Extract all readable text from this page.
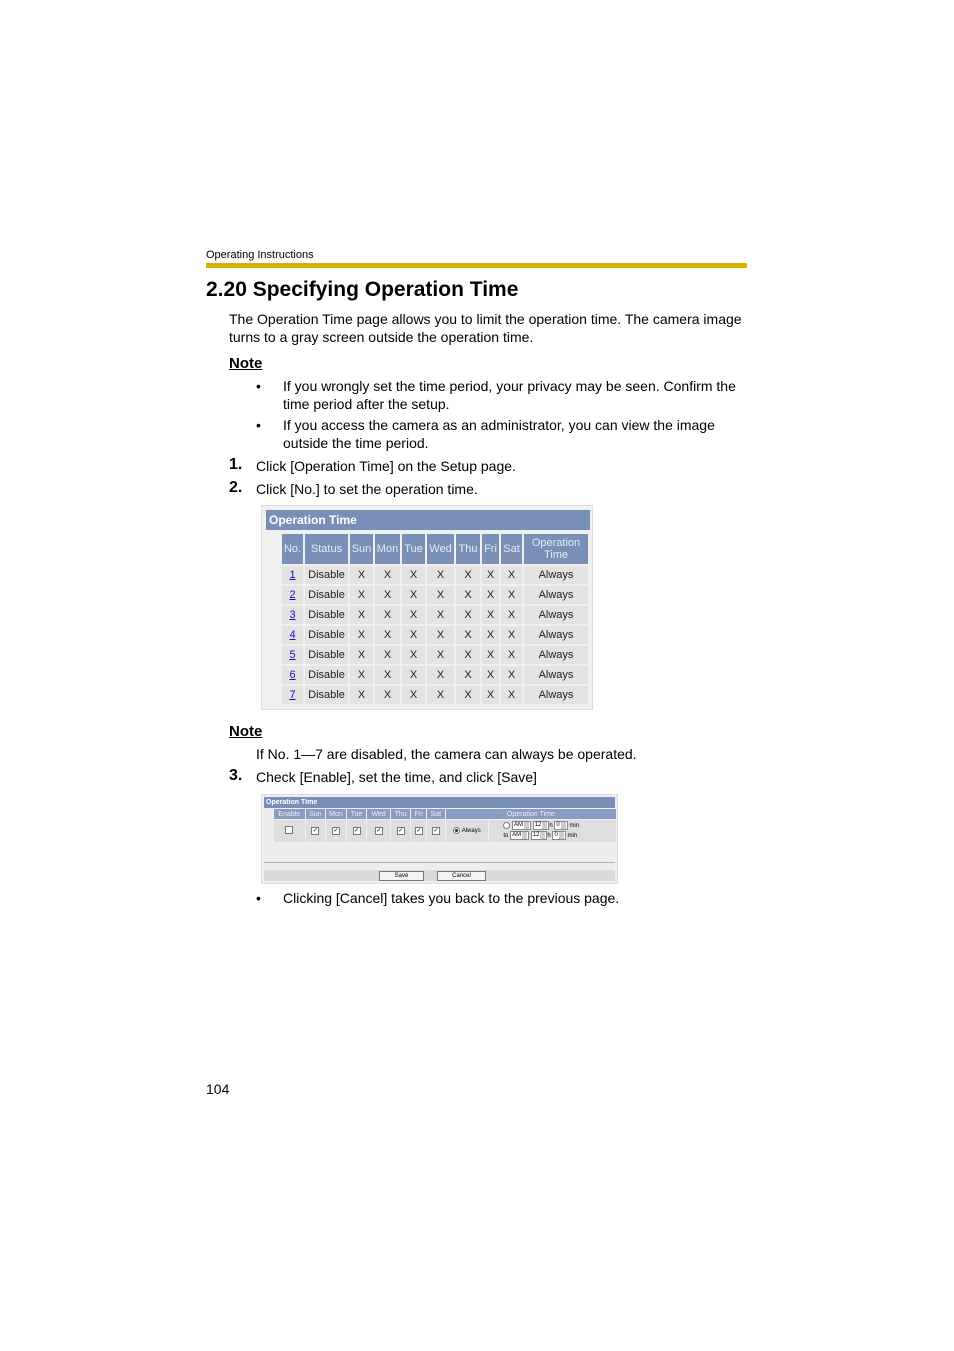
Operating Instructions
2.20 Specifying Operation Time
The Operation Time page allows you to limit the operation time. The camera image
turns to a gray screen outside the operation time.
Note
• If you wrongly set the time period, your privacy may be seen. Confirm the
time period after the setup.
• If you access the camera as an administrator, you can view the image
outside the time period.
1. Click [Operation Time] on the Setup page.
2. Click [No.] to set the operation time.
Operation Time
No.	Status	Sun	Mon	Tue	Wed	Thu	Fri	Sat	Operation
Time

1	Disable	X	X	X	X	X	X	X	Always
2	Disable	X	X	X	X	X	X	X	Always
3	Disable	X	X	X	X	X	X	X	Always
4	Disable	X	X	X	X	X	X	X	Always
5	Disable	X	X	X	X	X	X	X	Always
6	Disable	X	X	X	X	X	X	X	Always
7	Disable	X	X	X	X	X	X	X	Always
Note
If No. 1—7 are disabled, the camera can always be operated.
3. Check [Enable], set the time, and click [Save]
Operation Time
Enable	Sun	Mon	Tue	Wed	Thu	Fri	Sat	Operation Time	
	✓	✓	✓	✓	✓	✓	✓	Always	AM 12 h 0 min
to AM 12 h 0 min
Save	Cancel
• Clicking [Cancel] takes you back to the previous page.
104
